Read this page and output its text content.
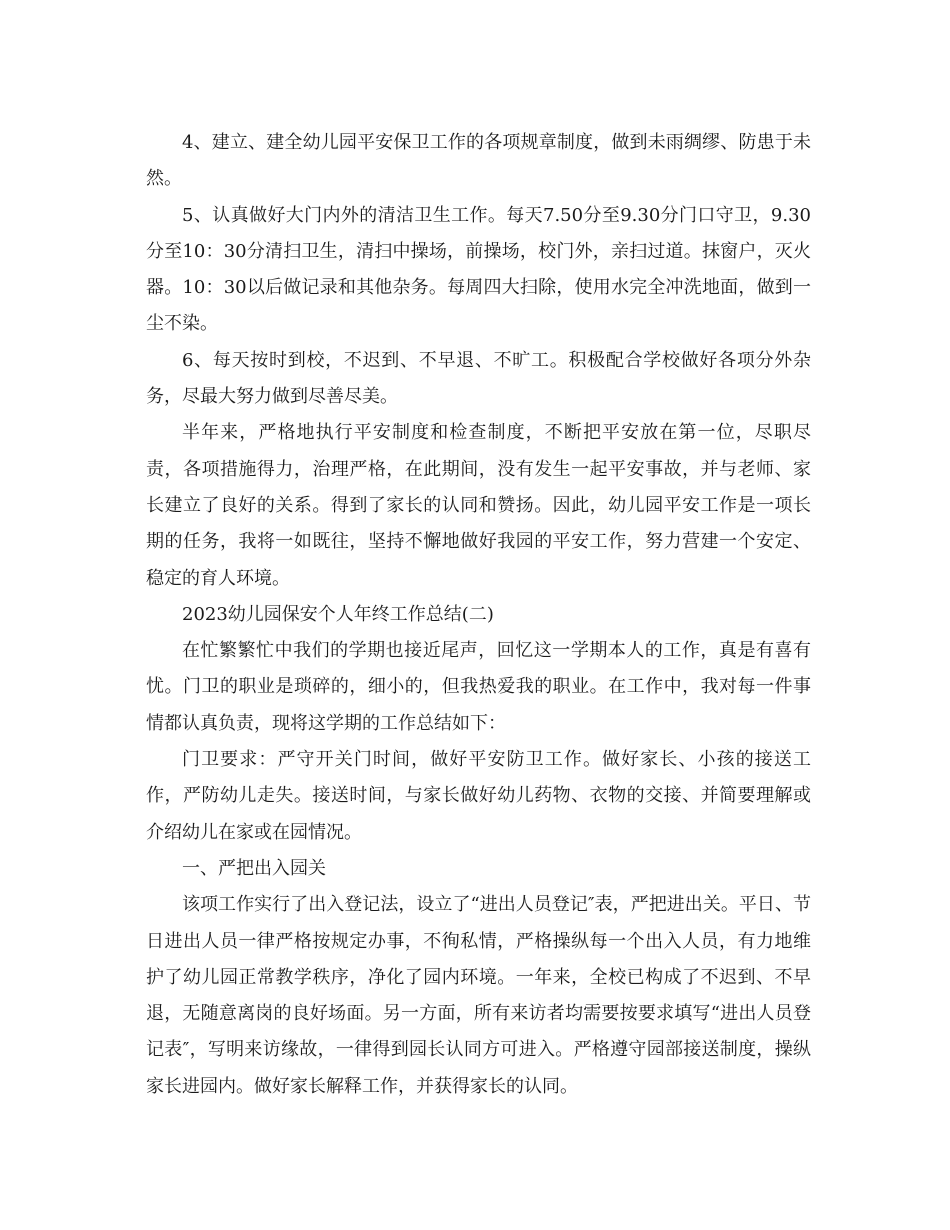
4、建立、建全幼儿园平安保卫工作的各项规章制度，做到未雨绸缪、防患于未然。

5、认真做好大门内外的清洁卫生工作。每天7.50分至9.30分门口守卫，9.30分至10：30分清扫卫生，清扫中操场，前操场，校门外，亲扫过道。抹窗户，灭火器。10：30以后做记录和其他杂务。每周四大扫除，使用水完全冲洗地面，做到一尘不染。

6、每天按时到校，不迟到、不早退、不旷工。积极配合学校做好各项分外杂务，尽最大努力做到尽善尽美。

半年来，严格地执行平安制度和检查制度，不断把平安放在第一位，尽职尽责，各项措施得力，治理严格，在此期间，没有发生一起平安事故，并与老师、家长建立了良好的关系。得到了家长的认同和赞扬。因此，幼儿园平安工作是一项长期的任务，我将一如既往，坚持不懈地做好我园的平安工作，努力营建一个安定、稳定的育人环境。

2023幼儿园保安个人年终工作总结(二)

在忙繁繁忙中我们的学期也接近尾声，回忆这一学期本人的工作，真是有喜有忧。门卫的职业是琐碎的，细小的，但我热爱我的职业。在工作中，我对每一件事情都认真负责，现将这学期的工作总结如下：

门卫要求：严守开关门时间，做好平安防卫工作。做好家长、小孩的接送工作，严防幼儿走失。接送时间，与家长做好幼儿药物、衣物的交接、并简要理解或介绍幼儿在家或在园情况。

一、严把出入园关

该项工作实行了出入登记法，设立了“进出人员登记″表，严把进出关。平日、节日进出人员一律严格按规定办事，不徇私情，严格操纵每一个出入人员，有力地维护了幼儿园正常教学秩序，净化了园内环境。一年来，全校已构成了不迟到、不早退，无随意离岗的良好场面。另一方面，所有来访者均需要按要求填写“进出人员登记表″，写明来访缘故，一律得到园长认同方可进入。严格遵守园部接送制度，操纵家长进园内。做好家长解释工作，并获得家长的认同。
